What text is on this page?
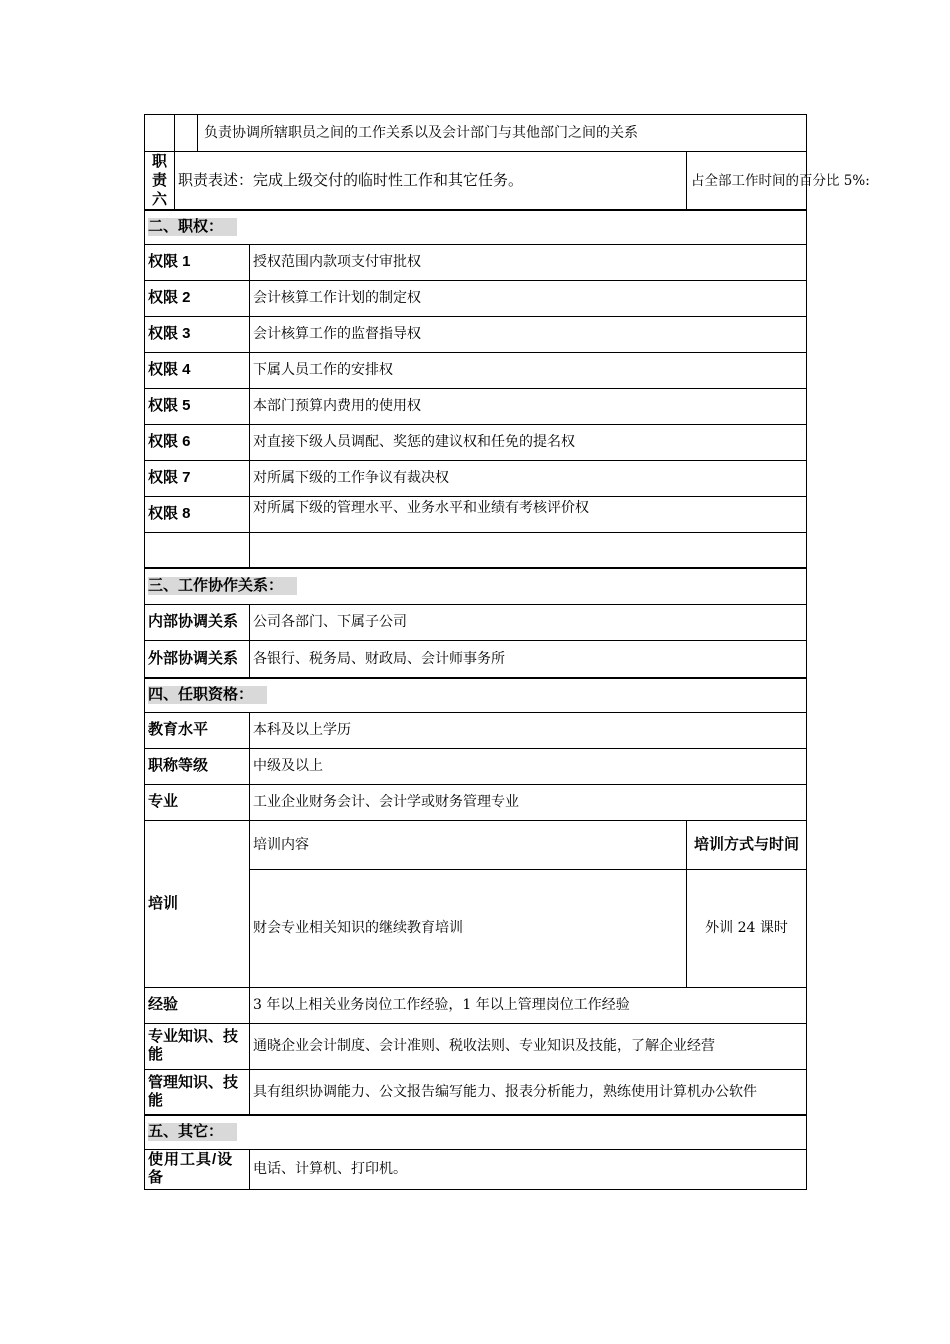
	负责协调所辖职员之间的工作关系以及会计部门与其他部门之间的关系		

职责六	职责表述：完成上级交付的临时性工作和其它任务。		占全部工作时间的百分比 5%:
二、职权：			
权限 1		授权范围内款项支付审批权	
权限 2		会计核算工作计划的制定权	
权限 3		会计核算工作的监督指导权	
权限 4		下属人员工作的安排权	
权限 5		本部门预算内费用的使用权	
权限 6		对直接下级人员调配、奖惩的建议权和任免的提名权	
权限 7		对所属下级的工作争议有裁决权	
权限 8		对所属下级的管理水平、业务水平和业绩有考核评价权	

三、工作协作关系：			
内部协调关系		公司各部门、下属子公司	
外部协调关系		各银行、税务局、财政局、会计师事务所	
四、任职资格：			
教育水平		本科及以上学历	
职称等级		中级及以上	
专业		工业企业财务会计、会计学或财务管理专业	
培训		培训内容	培训方式与时间
		财会专业相关知识的继续教育培训	外训 24 课时
经验		3 年以上相关业务岗位工作经验，1 年以上管理岗位工作经验	
专业知识、技能		通晓企业会计制度、会计准则、税收法则、专业知识及技能，了解企业经营	
管理知识、技能		具有组织协调能力、公文报告编写能力、报表分析能力，熟练使用计算机办公软件	
五、其它：			
使用工具/设备		电话、计算机、打印机。	
